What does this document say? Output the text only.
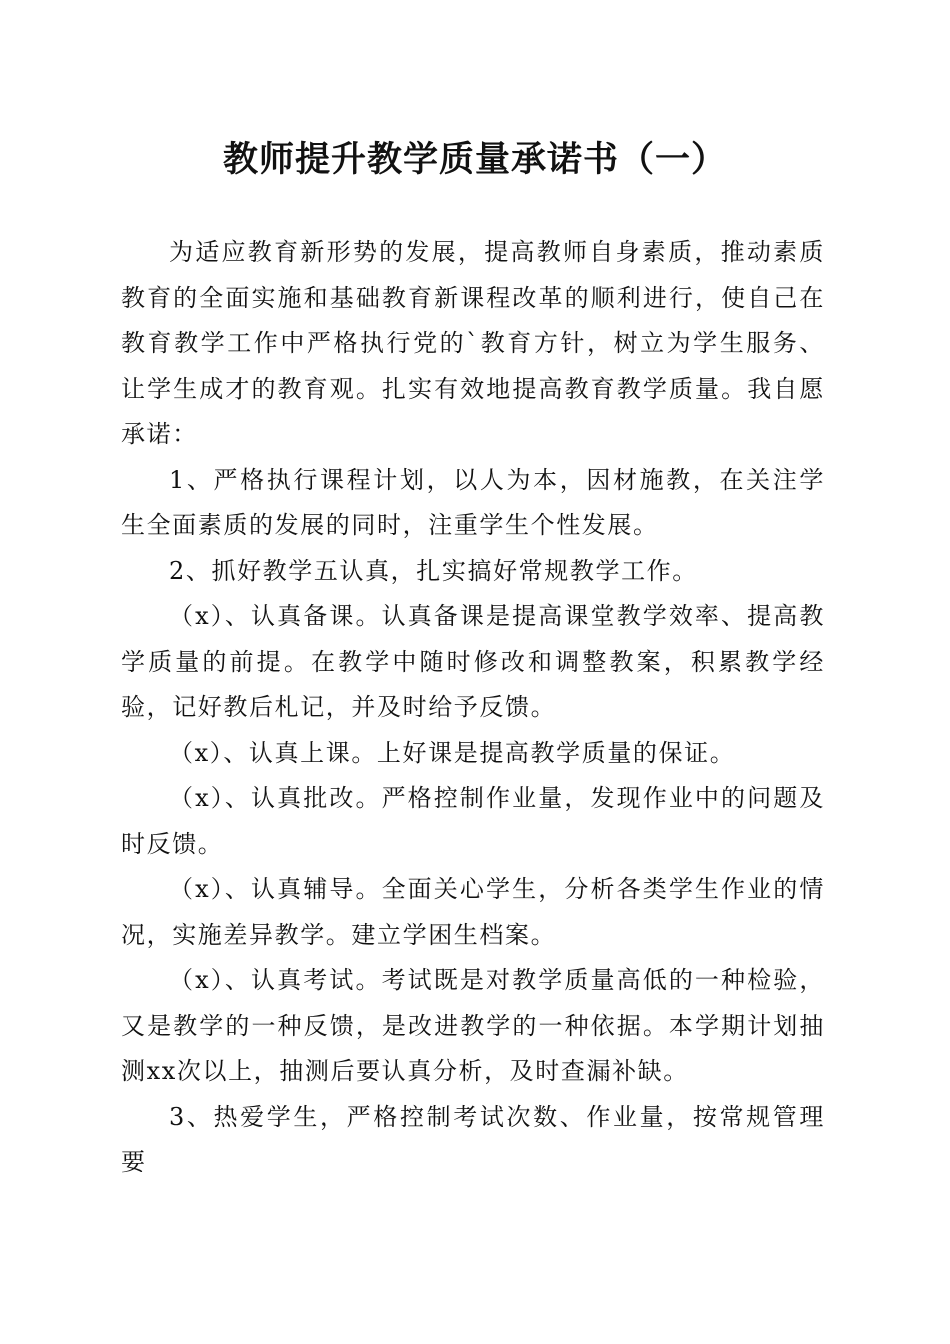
教师提升教学质量承诺书（一）

为适应教育新形势的发展，提高教师自身素质，推动素质教育的全面实施和基础教育新课程改革的顺利进行，使自己在教育教学工作中严格执行党的`教育方针，树立为学生服务、让学生成才的教育观。扎实有效地提高教育教学质量。我自愿承诺：

1、严格执行课程计划，以人为本，因材施教，在关注学生全面素质的发展的同时，注重学生个性发展。

2、抓好教学五认真，扎实搞好常规教学工作。

（x）、认真备课。认真备课是提高课堂教学效率、提高教学质量的前提。在教学中随时修改和调整教案，积累教学经验，记好教后札记，并及时给予反馈。

（x）、认真上课。上好课是提高教学质量的保证。

（x）、认真批改。严格控制作业量，发现作业中的问题及时反馈。

（x）、认真辅导。全面关心学生，分析各类学生作业的情况，实施差异教学。建立学困生档案。

（x）、认真考试。考试既是对教学质量高低的一种检验，又是教学的一种反馈，是改进教学的一种依据。本学期计划抽测xx次以上，抽测后要认真分析，及时查漏补缺。

3、热爱学生，严格控制考试次数、作业量，按常规管理要
